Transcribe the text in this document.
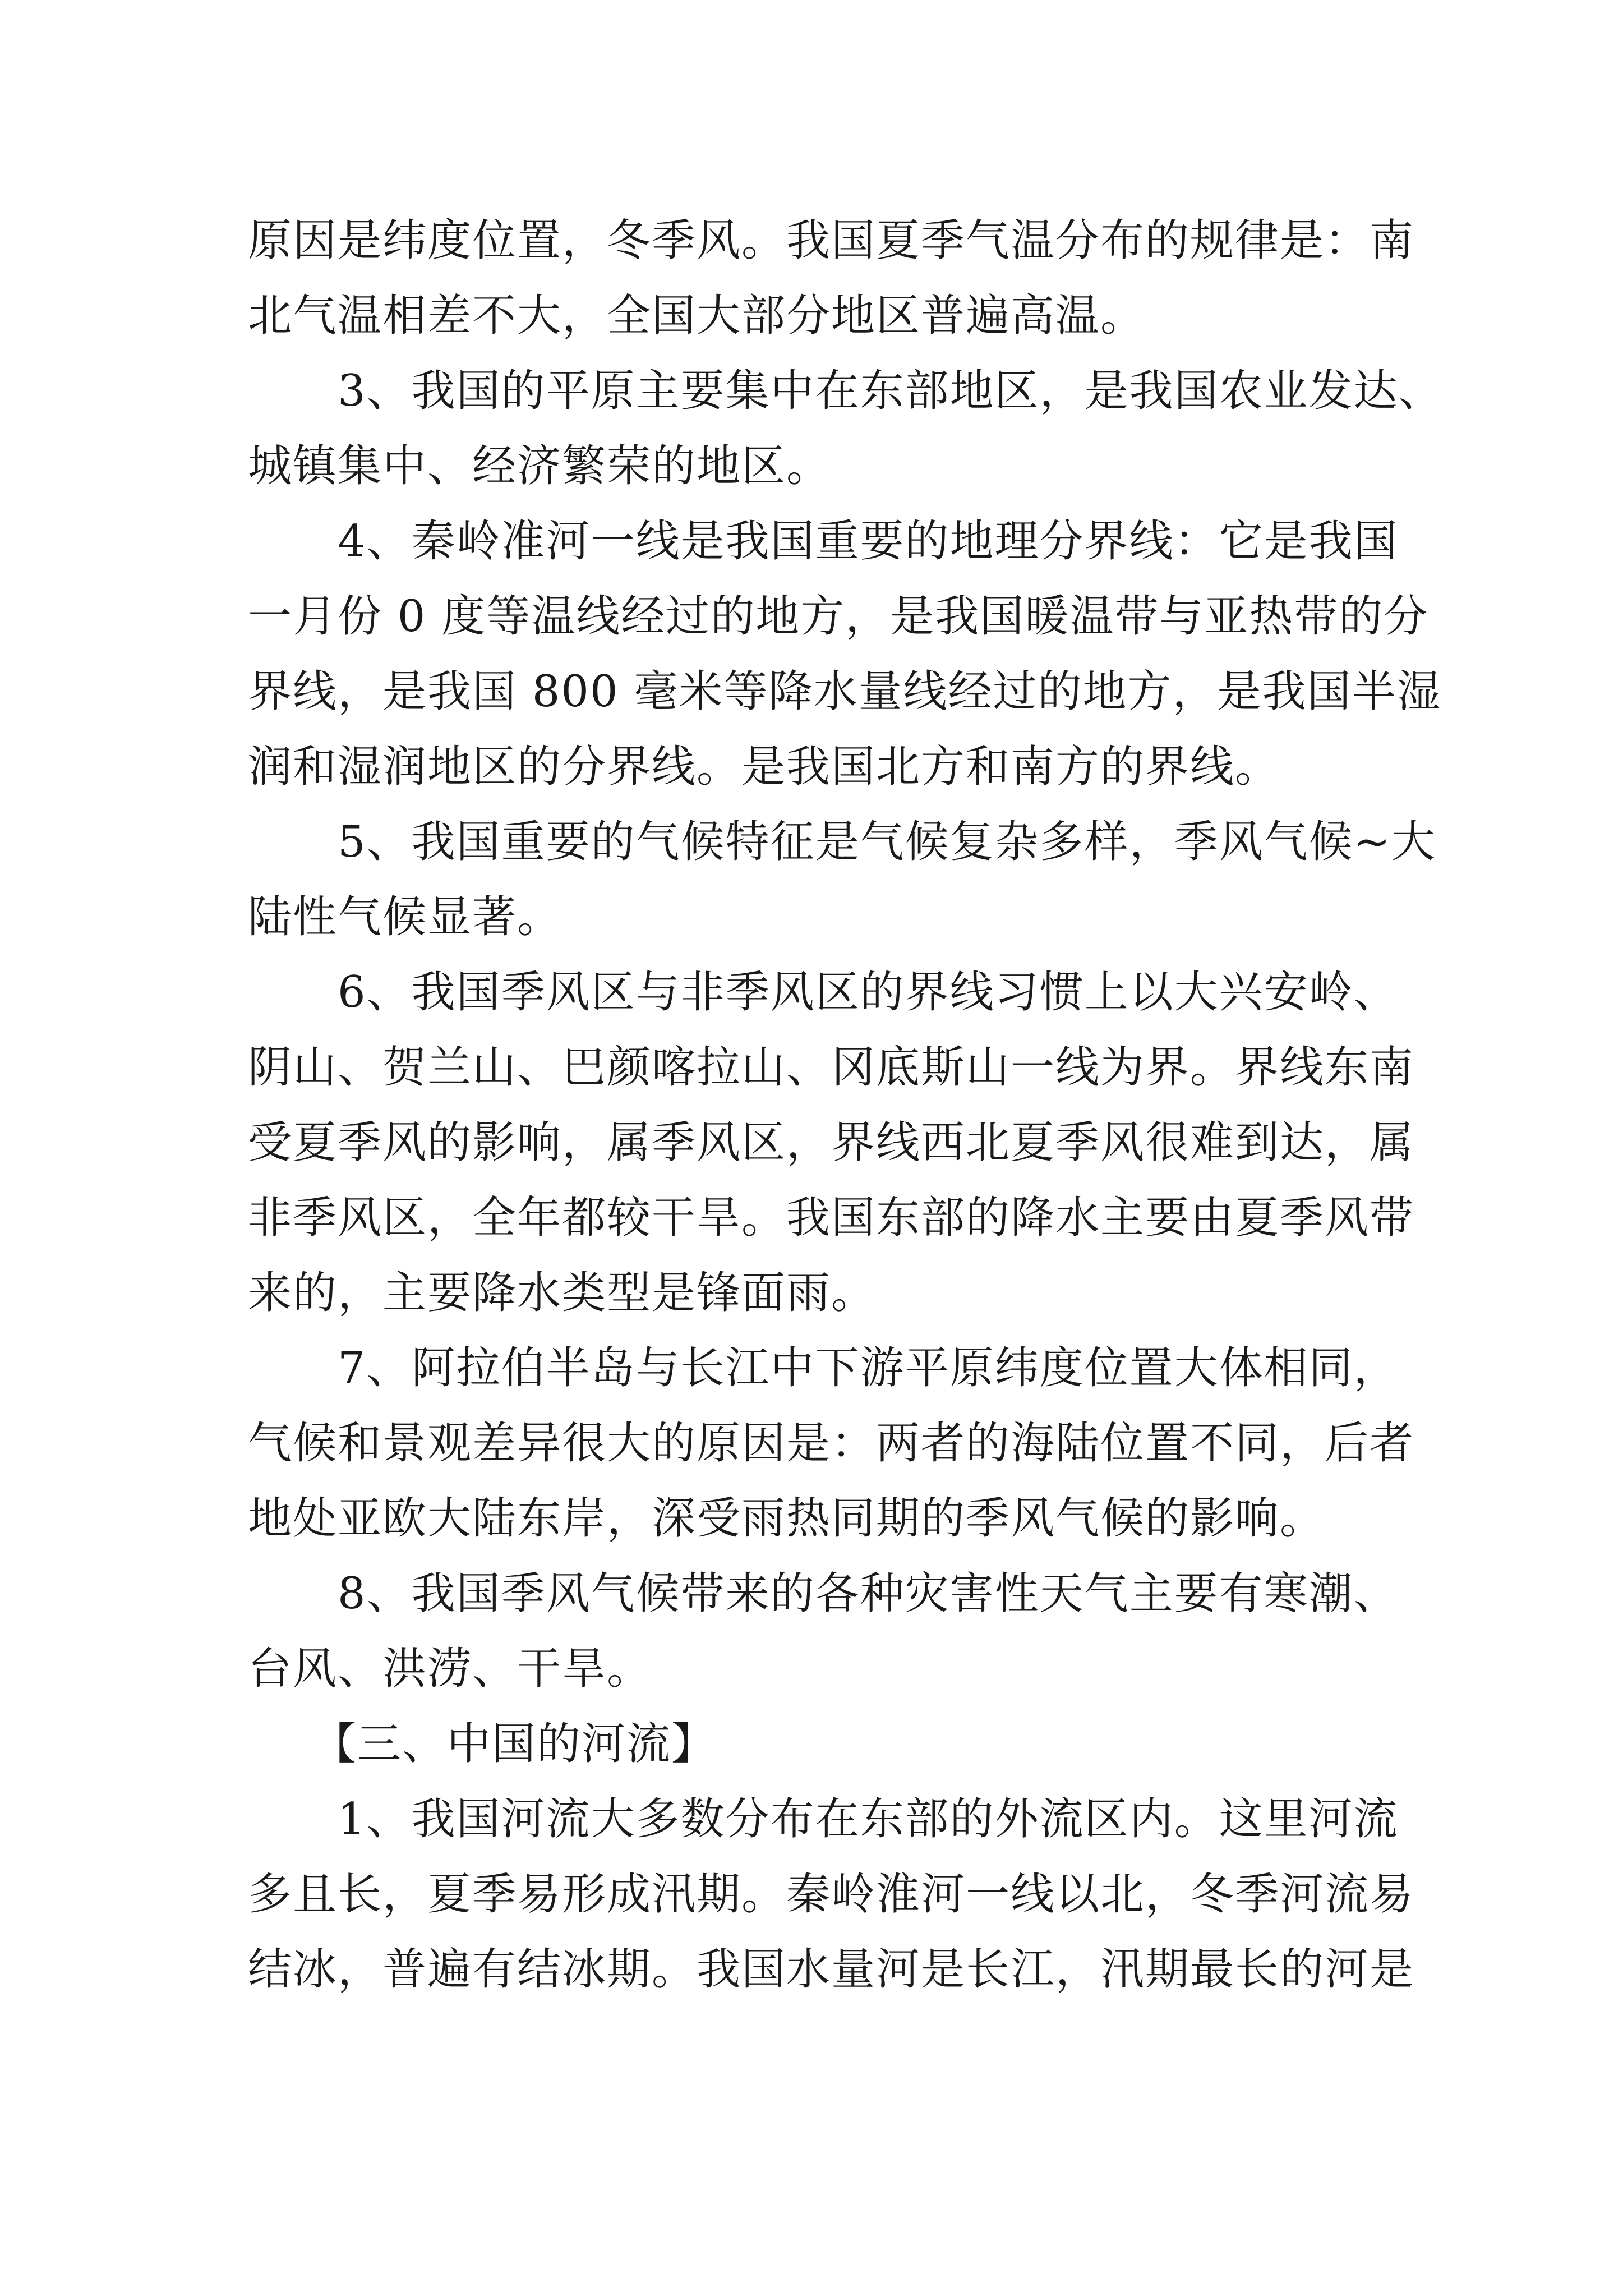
原因是纬度位置，冬季风。我国夏季气温分布的规律是：南
北气温相差不大，全国大部分地区普遍高温。
3、我国的平原主要集中在东部地区，是我国农业发达、
城镇集中、经济繁荣的地区。
4、秦岭准河一线是我国重要的地理分界线：它是我国
一月份 0 度等温线经过的地方，是我国暖温带与亚热带的分
界线，是我国 800 毫米等降水量线经过的地方，是我国半湿
润和湿润地区的分界线。是我国北方和南方的界线。
5、我国重要的气候特征是气候复杂多样，季风气候~大
陆性气候显著。
6、我国季风区与非季风区的界线习惯上以大兴安岭、
阴山、贺兰山、巴颜喀拉山、冈底斯山一线为界。界线东南
受夏季风的影响，属季风区，界线西北夏季风很难到达，属
非季风区，全年都较干旱。我国东部的降水主要由夏季风带
来的，主要降水类型是锋面雨。
7、阿拉伯半岛与长江中下游平原纬度位置大体相同，
气候和景观差异很大的原因是：两者的海陆位置不同，后者
地处亚欧大陆东岸，深受雨热同期的季风气候的影响。
8、我国季风气候带来的各种灾害性天气主要有寒潮、
台风、洪涝、干旱。
【三、中国的河流】
1、我国河流大多数分布在东部的外流区内。这里河流
多且长，夏季易形成汛期。秦岭淮河一线以北，冬季河流易
结冰，普遍有结冰期。我国水量河是长江，汛期最长的河是
